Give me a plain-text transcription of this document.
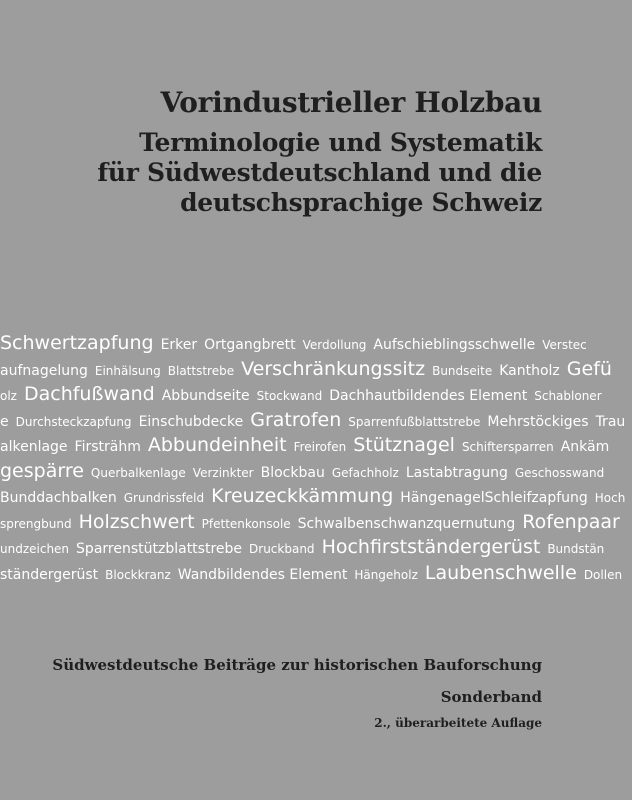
Vorindustrieller Holzbau
Terminologie und Systematik
für Südwestdeutschland und die
deutschsprachige Schweiz
Schwertzapfung Erker Ortgangbrett Verdollung Aufschieblingsschwelle Verstec
aufnagelung Einhälsung Blattstrebe Verschränkungssitz Bundseite Kantholz Gefü
olz Dachfußwand Abbundseite Stockwand Dachhautbildendes Element Schabloner
e Durchsteckzapfung Einschubdecke Gratrofen Sparrenfußblattstrebe Mehrstöckiges Trau
alkenlage Firsträhm Abbundeinheit Freirofen Stütznagel Schiftersparren Ankäm
gespärre Querbalkenlage Verzinkter Blockbau Gefachholz Lastabtragung Geschosswand
Bunddachbalken Grundrissfeld Kreuzeckkämmung HängenagelSchleifzapfung Hoch
sprengbund Holzschwert Pfettenkonsole Schwalbenschwanzquernutung Rofenpaar
undzeichen Sparrenstützblattstrebe Druckband Hochfirstständergerüst Bundstän
ständergerüst Blockkranz Wandbildendes Element Hängeholz Laubenschwelle Dollen
Südwestdeutsche Beiträge zur historischen Bauforschung
Sonderband
2., überarbeitete Auflage
